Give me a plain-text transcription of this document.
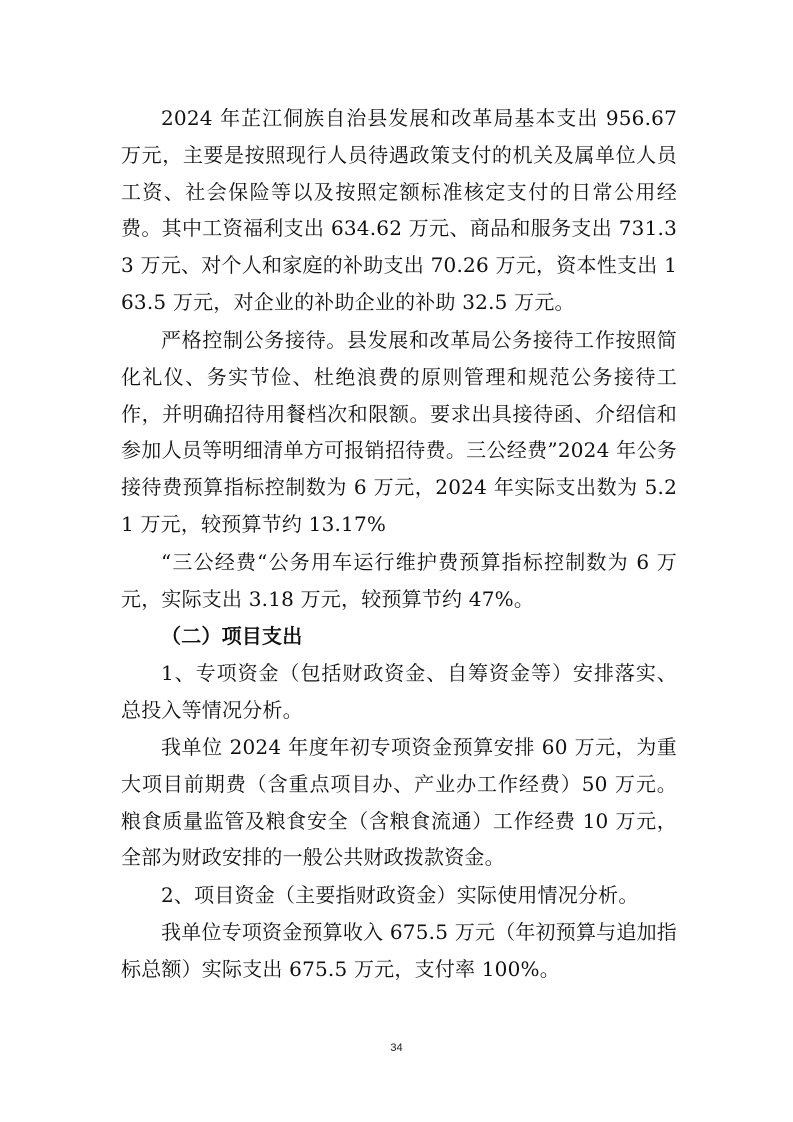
2024 年芷江侗族自治县发展和改革局基本支出 956.67 万元，主要是按照现行人员待遇政策支付的机关及属单位人员工资、社会保险等以及按照定额标准核定支付的日常公用经费。其中工资福利支出 634.62 万元、商品和服务支出 731.33 万元、对个人和家庭的补助支出 70.26 万元，资本性支出 163.5 万元，对企业的补助企业的补助 32.5 万元。

严格控制公务接待。县发展和改革局公务接待工作按照简化礼仪、务实节俭、杜绝浪费的原则管理和规范公务接待工作，并明确招待用餐档次和限额。要求出具接待函、介绍信和参加人员等明细清单方可报销招待费。三公经费”2024 年公务接待费预算指标控制数为 6 万元，2024 年实际支出数为 5.21 万元，较预算节约 13.17%

“三公经费“公务用车运行维护费预算指标控制数为 6 万元，实际支出 3.18 万元，较预算节约 47%。

（二）项目支出

1、专项资金（包括财政资金、自筹资金等）安排落实、总投入等情况分析。

我单位 2024 年度年初专项资金预算安排 60 万元，为重大项目前期费（含重点项目办、产业办工作经费）50 万元。粮食质量监管及粮食安全（含粮食流通）工作经费 10 万元，全部为财政安排的一般公共财政拨款资金。

2、项目资金（主要指财政资金）实际使用情况分析。

我单位专项资金预算收入 675.5 万元（年初预算与追加指标总额）实际支出 675.5 万元，支付率 100%。

34
